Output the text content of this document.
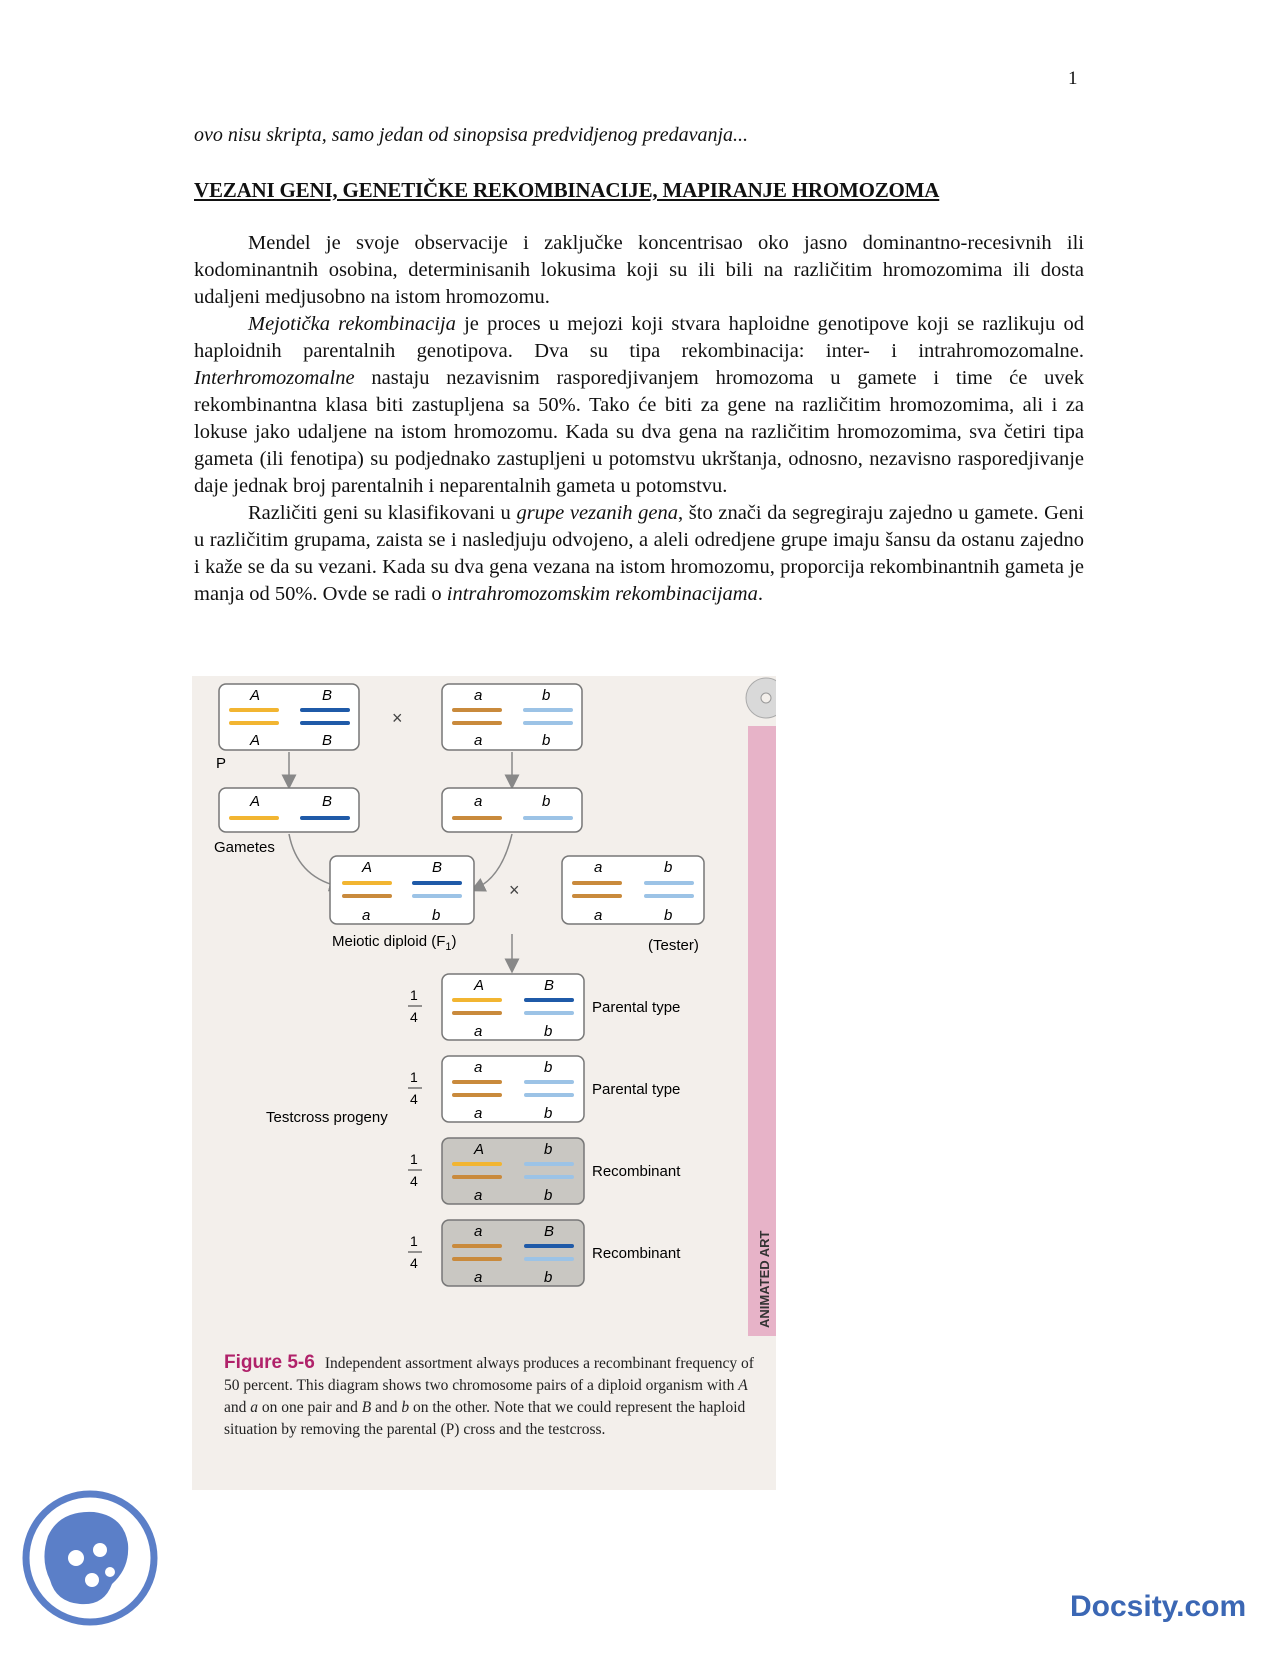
1
ovo nisu skripta, samo jedan od sinopsisa predvidjenog predavanja...
VEZANI GENI, GENETIČKE REKOMBINACIJE, MAPIRANJE HROMOZOMA

Mendel je svoje observacije i zaključke koncentrisao oko jasno dominantno-recesivnih ili kodominantnih osobina, determinisanih lokusima koji su ili bili na različitim hromozomima ili dosta udaljeni medjusobno na istom hromozomu.

Mejotička rekombinacija je proces u mejozi koji stvara haploidne genotipove koji se razlikuju od haploidnih parentalnih genotipova. Dva su tipa rekombinacija: inter- i intrahromozomalne. Interhromozomalne nastaju nezavisnim rasporedjivanjem hromozoma u gamete i time će uvek rekombinantna klasa biti zastupljena sa 50%. Tako će biti za gene na različitim hromozomima, ali i za lokuse jako udaljene na istom hromozomu. Kada su dva gena na različitim hromozomima, sva četiri tipa gameta (ili fenotipa) su podjednako zastupljeni u potomstvu ukrštanja, odnosno, nezavisno rasporedjivanje daje jednak broj parentalnih i neparentalnih gameta u potomstvu.

Različiti geni su klasifikovani u grupe vezanih gena, što znači da segregiraju zajedno u gamete. Geni u različitim grupama, zaista se i nasledjuju odvojeno, a aleli odredjene grupe imaju šansu da ostanu zajedno i kaže se da su vezani. Kada su dva gena vezana na istom hromozomu, proporcija rekombinantnih gameta je manja od 50%. Ovde se radi o intrahromozomskim rekombinacijama.

ANIMATED ART
A	B
A	B
×
a	b
a	b
P
A	B	a	b
Gametes
A	B
a	b
×
a	b
a	b
Meiotic diploid $(F_1)$	(Tester)
1
4
A	B
a	b
Parental type
1
4
a	b
a	b
Parental type
Testcross progeny
1
4
A	b
a	b
Recombinant
1
4
a	B
a	b
Recombinant
Figure 5-6 Independent assortment always produces a recombinant frequency of 50 percent. This diagram shows two chromosome pairs of a diploid organism with A and a on one pair and B and b on the other. Note that we could represent the haploid situation by removing the parental (P) cross and the testcross.
Docsity.com
